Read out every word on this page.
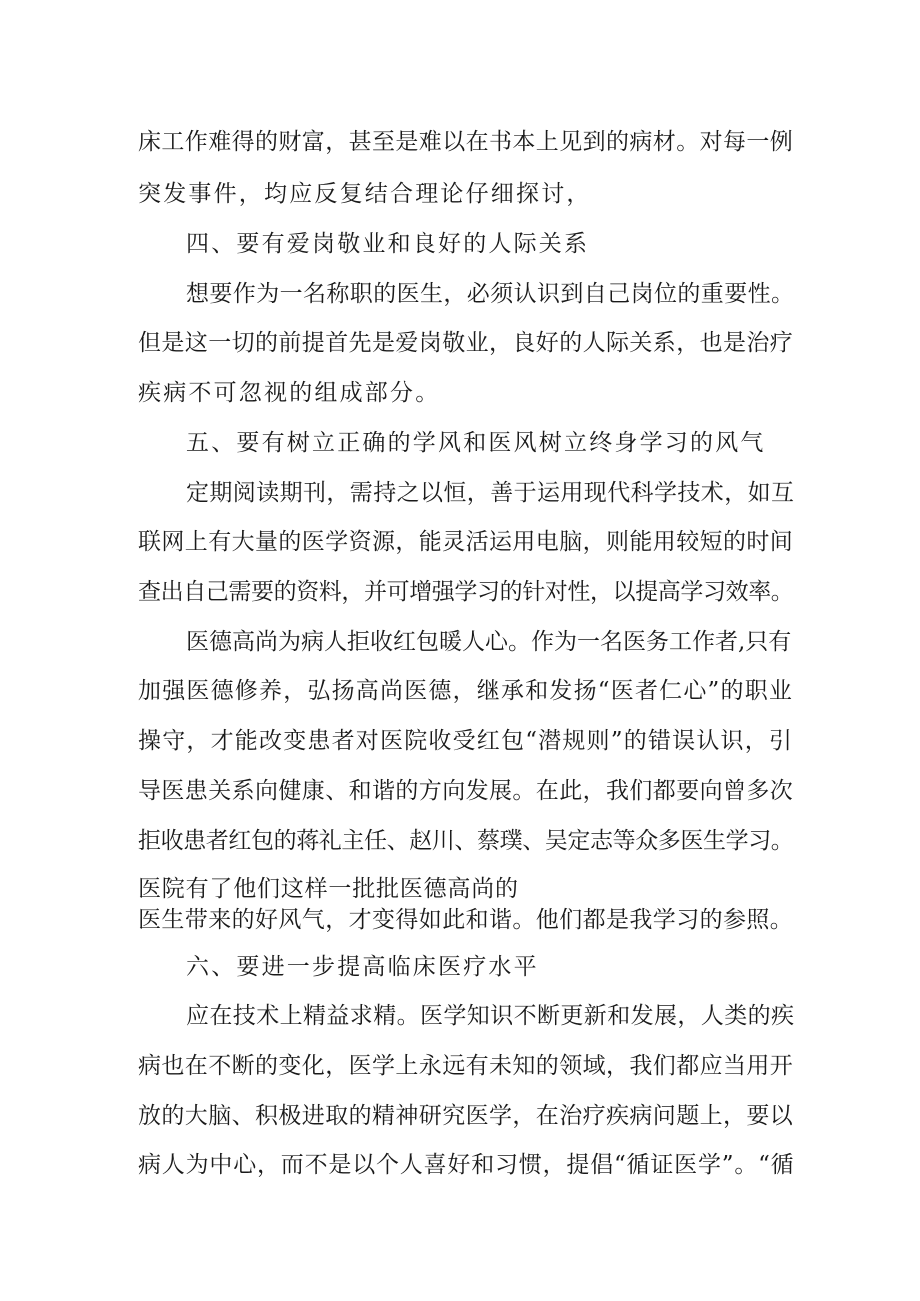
床工作难得的财富，甚至是难以在书本上见到的病材。对每一例
突发事件，均应反复结合理论仔细探讨，
四、要有爱岗敬业和良好的人际关系
想要作为一名称职的医生，必须认识到自己岗位的重要性。
但是这一切的前提首先是爱岗敬业，良好的人际关系，也是治疗
疾病不可忽视的组成部分。
五、要有树立正确的学风和医风树立终身学习的风气
定期阅读期刊，需持之以恒，善于运用现代科学技术，如互
联网上有大量的医学资源，能灵活运用电脑，则能用较短的时间
查出自己需要的资料，并可增强学习的针对性，以提高学习效率。
医德高尚为病人拒收红包暖人心。作为一名医务工作者,只有
加强医德修养，弘扬高尚医德，继承和发扬“医者仁心”的职业
操守，才能改变患者对医院收受红包“潜规则”的错误认识，引
导医患关系向健康、和谐的方向发展。在此，我们都要向曾多次
拒收患者红包的蒋礼主任、赵川、蔡璞、吴定志等众多医生学习。
医院有了他们这样一批批医德高尚的
医生带来的好风气，才变得如此和谐。他们都是我学习的参照。
六、要进一步提高临床医疗水平
应在技术上精益求精。医学知识不断更新和发展，人类的疾
病也在不断的变化，医学上永远有未知的领域，我们都应当用开
放的大脑、积极进取的精神研究医学，在治疗疾病问题上，要以
病人为中心，而不是以个人喜好和习惯，提倡“循证医学”。“循
